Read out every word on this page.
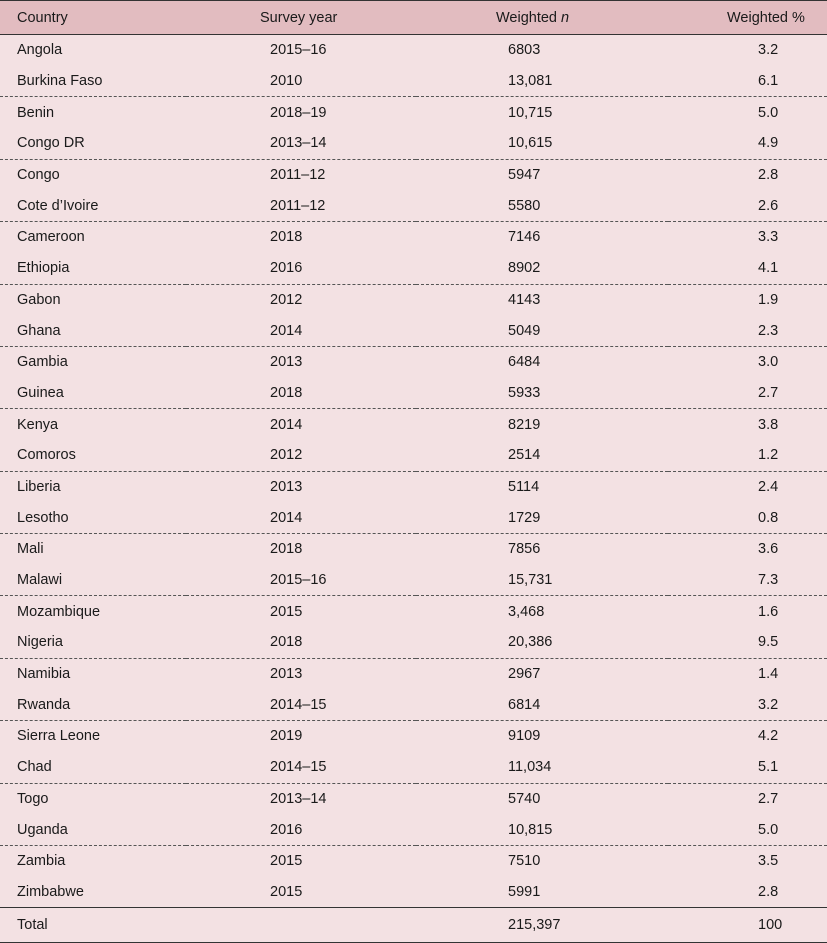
Country	Survey year	Weighted n	Weighted %
Angola	2015–16	6803	3.2
Burkina Faso	2010	13,081	6.1
Benin	2018–19	10,715	5.0
Congo DR	2013–14	10,615	4.9
Congo	2011–12	5947	2.8
Cote d’Ivoire	2011–12	5580	2.6
Cameroon	2018	7146	3.3
Ethiopia	2016	8902	4.1
Gabon	2012	4143	1.9
Ghana	2014	5049	2.3
Gambia	2013	6484	3.0
Guinea	2018	5933	2.7
Kenya	2014	8219	3.8
Comoros	2012	2514	1.2
Liberia	2013	5114	2.4
Lesotho	2014	1729	0.8
Mali	2018	7856	3.6
Malawi	2015–16	15,731	7.3
Mozambique	2015	3,468	1.6
Nigeria	2018	20,386	9.5
Namibia	2013	2967	1.4
Rwanda	2014–15	6814	3.2
Sierra Leone	2019	9109	4.2
Chad	2014–15	11,034	5.1
Togo	2013–14	5740	2.7
Uganda	2016	10,815	5.0
Zambia	2015	7510	3.5
Zimbabwe	2015	5991	2.8
Total		215,397	100
